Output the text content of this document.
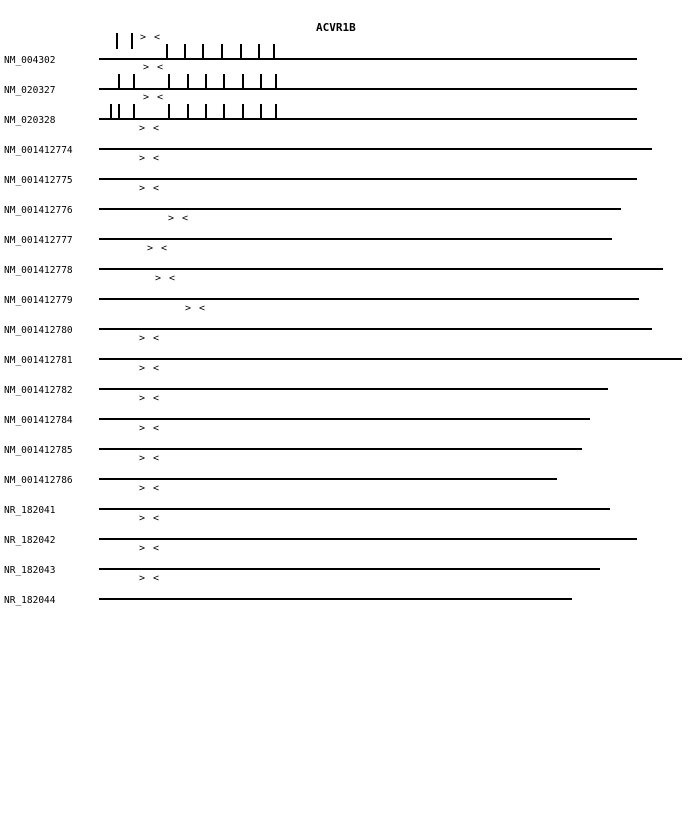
ACVR1B
NM_004302
> <
NM_020327
> <
NM_020328
> <
NM_001412774
> <
NM_001412775
> <
NM_001412776
> <
NM_001412777
> <
NM_001412778
> <
NM_001412779
> <
NM_001412780
> <
NM_001412781
> <
NM_001412782
> <
NM_001412784
> <
NM_001412785
> <
NM_001412786
> <
NR_182041
> <
NR_182042
> <
NR_182043
> <
NR_182044
> <
